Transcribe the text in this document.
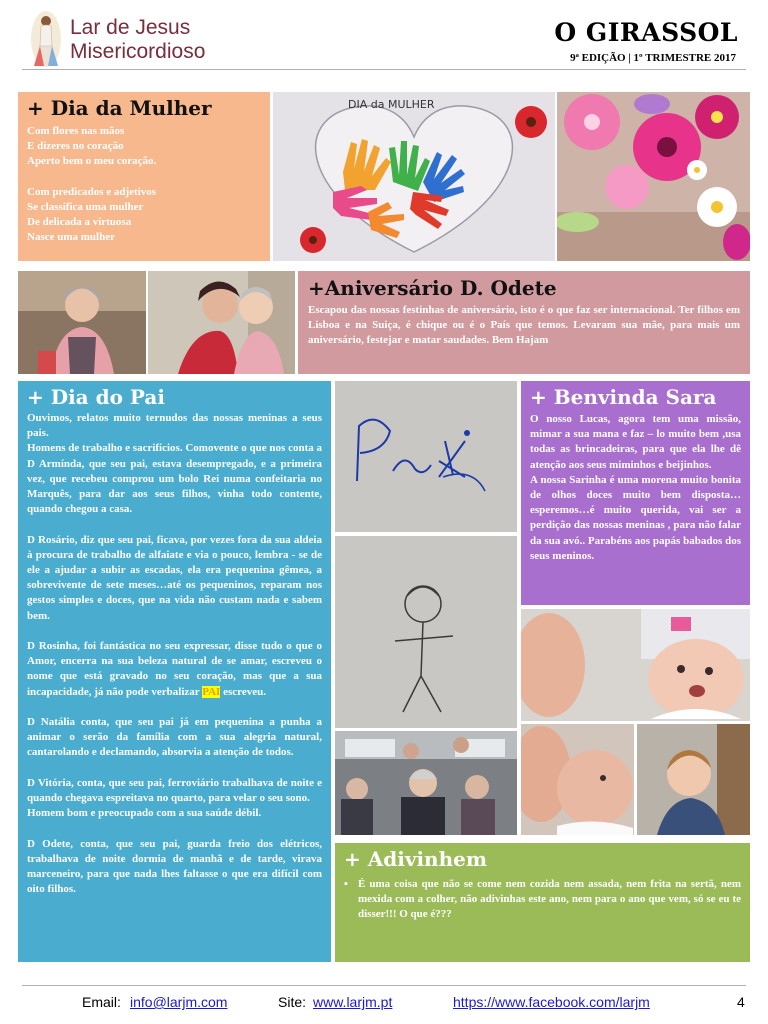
Lar de Jesus
Misericordioso
O GIRASSOL
9ª EDIÇÃO | 1º TRIMESTRE 2017
+ Dia da Mulher

Com flores nas mãos

E dizeres no coração

Aperto bem o meu coração.

Com predicados e adjetivos

Se classifica uma mulher

De delicada a virtuosa

Nasce uma mulher

DIA da MULHER
+Aniversário D. Odete

Escapou das nossas festinhas de aniversário, isto é o que faz ser internacional. Ter filhos em Lisboa e na Suiça, é chique ou é o País que temos. Levaram sua mãe, para mais um aniversário, festejar e matar saudades. Bem Hajam

+ Dia do Pai

Ouvimos, relatos muito ternudos das nossas meninas a seus pais.

Homens de trabalho e sacrifícios. Comovente o que nos conta a D Armínda, que seu pai, estava desempregado, e a primeira vez, que recebeu comprou um bolo Rei numa confeitaria no Marquês, para dar aos seus filhos, vinha todo contente, quando chegou a casa.

D Rosário, diz que seu pai, ficava, por vezes fora da sua aldeia à procura de trabalho de alfaiate e via o pouco, lembra - se de ele a ajudar a subir as escadas, ela era pequenina gêmea, a sobrevivente de sete meses…até os pequeninos, reparam nos gestos simples e doces, que na vida não custam nada e sabem bem.

D Rosinha, foi fantástica no seu expressar, disse tudo o que o Amor, encerra na sua beleza natural de se amar, escreveu o nome que está gravado no seu coração, mas que a sua incapacidade, já não pode verbalizar PAI escreveu.

D Natália conta, que seu pai já em pequenina a punha a animar o serão da família com a sua alegria natural, cantarolando e declamando, absorvia a atenção de todos.

D Vitória, conta, que seu pai, ferroviário trabalhava de noite e quando chegava espreitava no quarto, para velar o seu sono.

Homem bom e preocupado com a sua saúde débil.

D Odete, conta, que seu pai, guarda freio dos elétricos, trabalhava de noite dormia de manhã e de tarde, virava marceneiro, para que nada lhes faltasse o que era difícil com oito filhos.

+ Benvinda Sara

O nosso Lucas, agora tem uma missão, mimar a sua mana e faz – lo muito bem ,usa todas as brincadeiras, para que ela lhe dê atenção aos seus miminhos e beijinhos.

A nossa Sarinha é uma morena muito bonita de olhos doces muito bem disposta…esperemos…é muito querida, vai ser a perdição das nossas meninas , para não falar da sua avó.. Parabéns aos papás babados dos seus meninos.

+ Adivinhem
▪ É uma coisa que não se come nem cozida nem assada, nem frita na sertã, nem mexida com a colher, não adivinhas este ano, nem para o ano que vem, só se eu te disser!!! O que é???

Email: info@larjm.com	Site: www.larjm.pt	https://www.facebook.com/larjm	4
